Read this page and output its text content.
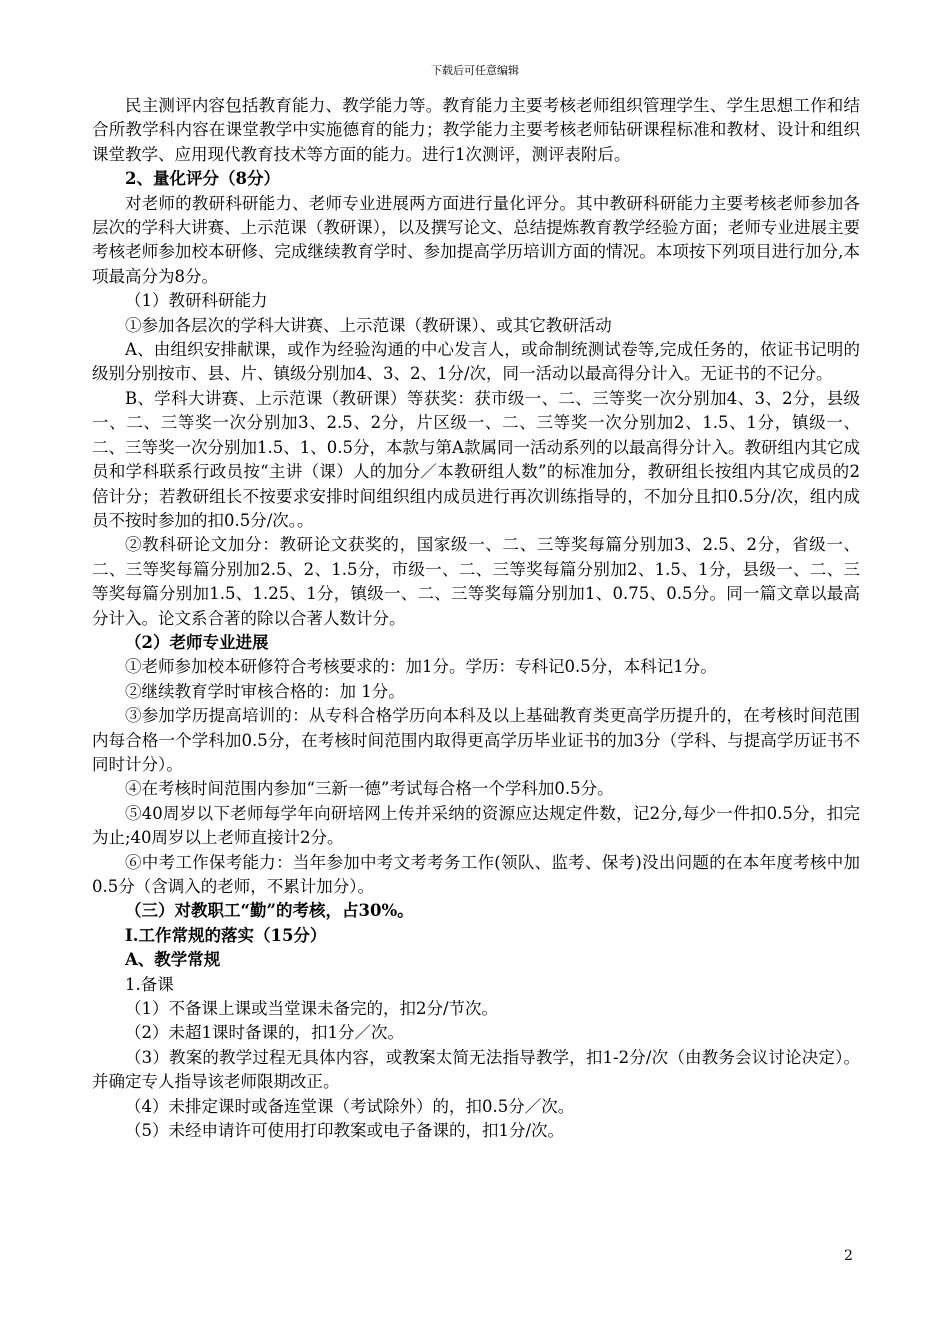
下载后可任意编辑

民主测评内容包括教育能力、教学能力等。教育能力主要考核老师组织管理学生、学生思想工作和结合所教学科内容在课堂教学中实施德育的能力；教学能力主要考核老师钻研课程标准和教材、设计和组织课堂教学、应用现代教育技术等方面的能力。进行1次测评，测评表附后。

2、量化评分（8分）

对老师的教研科研能力、老师专业进展两方面进行量化评分。其中教研科研能力主要考核老师参加各层次的学科大讲赛、上示范课（教研课），以及撰写论文、总结提炼教育教学经验方面；老师专业进展主要考核老师参加校本研修、完成继续教育学时、参加提高学历培训方面的情况。本项按下列项目进行加分,本项最高分为8分。

（1）教研科研能力

①参加各层次的学科大讲赛、上示范课（教研课）、或其它教研活动

A、由组织安排献课，或作为经验沟通的中心发言人，或命制统测试卷等,完成任务的，依证书记明的级别分别按市、县、片、镇级分别加4、3、2、1分/次，同一活动以最高得分计入。无证书的不记分。

B、学科大讲赛、上示范课（教研课）等获奖：获市级一、二、三等奖一次分别加4、3、2分，县级一、二、三等奖一次分别加3、2.5、2分，片区级一、二、三等奖一次分别加2、1.5、1分，镇级一、二、三等奖一次分别加1.5、1、0.5分，本款与第A款属同一活动系列的以最高得分计入。教研组内其它成员和学科联系行政员按“主讲（课）人的加分／本教研组人数”的标准加分，教研组长按组内其它成员的2倍计分；若教研组长不按要求安排时间组织组内成员进行再次训练指导的，不加分且扣0.5分/次，组内成员不按时参加的扣0.5分/次。。

②教科研论文加分：教研论文获奖的，国家级一、二、三等奖每篇分别加3、2.5、2分，省级一、二、三等奖每篇分别加2.5、2、1.5分，市级一、二、三等奖每篇分别加2、1.5、1分，县级一、二、三等奖每篇分别加1.5、1.25、1分，镇级一、二、三等奖每篇分别加1、0.75、0.5分。同一篇文章以最高分计入。论文系合著的除以合著人数计分。

（2）老师专业进展

①老师参加校本研修符合考核要求的：加1分。学历：专科记0.5分，本科记1分。

②继续教育学时审核合格的：加 1分。

③参加学历提高培训的：从专科合格学历向本科及以上基础教育类更高学历提升的，在考核时间范围内每合格一个学科加0.5分，在考核时间范围内取得更高学历毕业证书的加3分（学科、与提高学历证书不同时计分）。

④在考核时间范围内参加“三新一德”考试每合格一个学科加0.5分。

⑤40周岁以下老师每学年向研培网上传并采纳的资源应达规定件数，记2分,每少一件扣0.5分，扣完为止;40周岁以上老师直接计2分。

⑥中考工作保考能力：当年参加中考文考考务工作(领队、监考、保考)没出问题的在本年度考核中加0.5分（含调入的老师，不累计加分）。

（三）对教职工“勤”的考核，占30%。

Ⅰ.工作常规的落实（15分）

A、教学常规

1.备课

（1）不备课上课或当堂课未备完的，扣2分/节次。

（2）未超1课时备课的，扣1分／次。

（3）教案的教学过程无具体内容，或教案太简无法指导教学，扣1-2分/次（由教务会议讨论决定）。并确定专人指导该老师限期改正。

（4）未排定课时或备连堂课（考试除外）的，扣0.5分／次。

（5）未经申请许可使用打印教案或电子备课的，扣1分/次。

2
